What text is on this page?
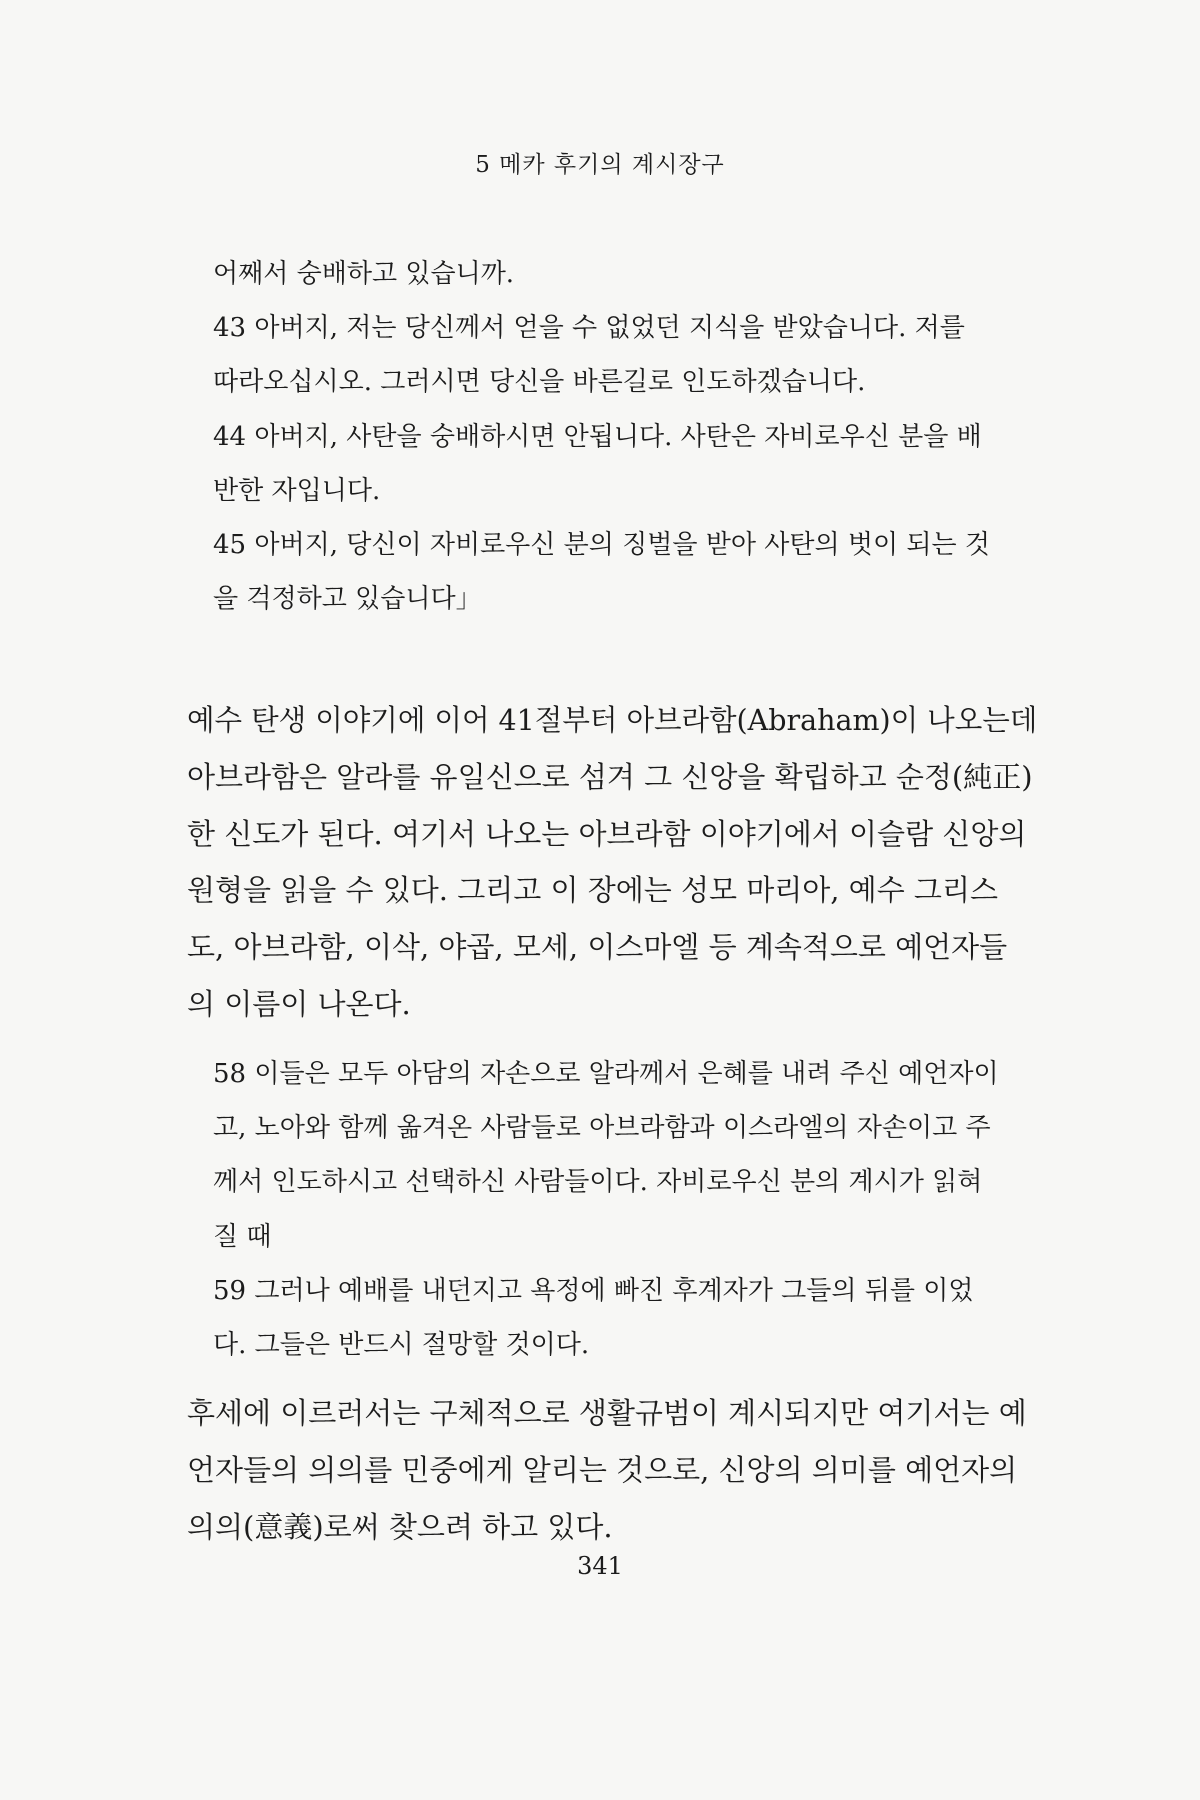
5 메카 후기의 계시장구
어째서 숭배하고 있습니까.
43 아버지, 저는 당신께서 얻을 수 없었던 지식을 받았습니다. 저를
따라오십시오. 그러시면 당신을 바른길로 인도하겠습니다.
44 아버지, 사탄을 숭배하시면 안됩니다. 사탄은 자비로우신 분을 배
반한 자입니다.
45 아버지, 당신이 자비로우신 분의 징벌을 받아 사탄의 벗이 되는 것
을 걱정하고 있습니다」
예수 탄생 이야기에 이어 41절부터 아브라함(Abraham)이 나오는데
아브라함은 알라를 유일신으로 섬겨 그 신앙을 확립하고 순정(純正)
한 신도가 된다. 여기서 나오는 아브라함 이야기에서 이슬람 신앙의
원형을 읽을 수 있다. 그리고 이 장에는 성모 마리아, 예수 그리스
도, 아브라함, 이삭, 야곱, 모세, 이스마엘 등 계속적으로 예언자들
의 이름이 나온다.
58 이들은 모두 아담의 자손으로 알라께서 은혜를 내려 주신 예언자이
고, 노아와 함께 옮겨온 사람들로 아브라함과 이스라엘의 자손이고 주
께서 인도하시고 선택하신 사람들이다. 자비로우신 분의 계시가 읽혀
질 때
59 그러나 예배를 내던지고 욕정에 빠진 후계자가 그들의 뒤를 이었
다. 그들은 반드시 절망할 것이다.
후세에 이르러서는 구체적으로 생활규범이 계시되지만 여기서는 예
언자들의 의의를 민중에게 알리는 것으로, 신앙의 의미를 예언자의
의의(意義)로써 찾으려 하고 있다.
341
